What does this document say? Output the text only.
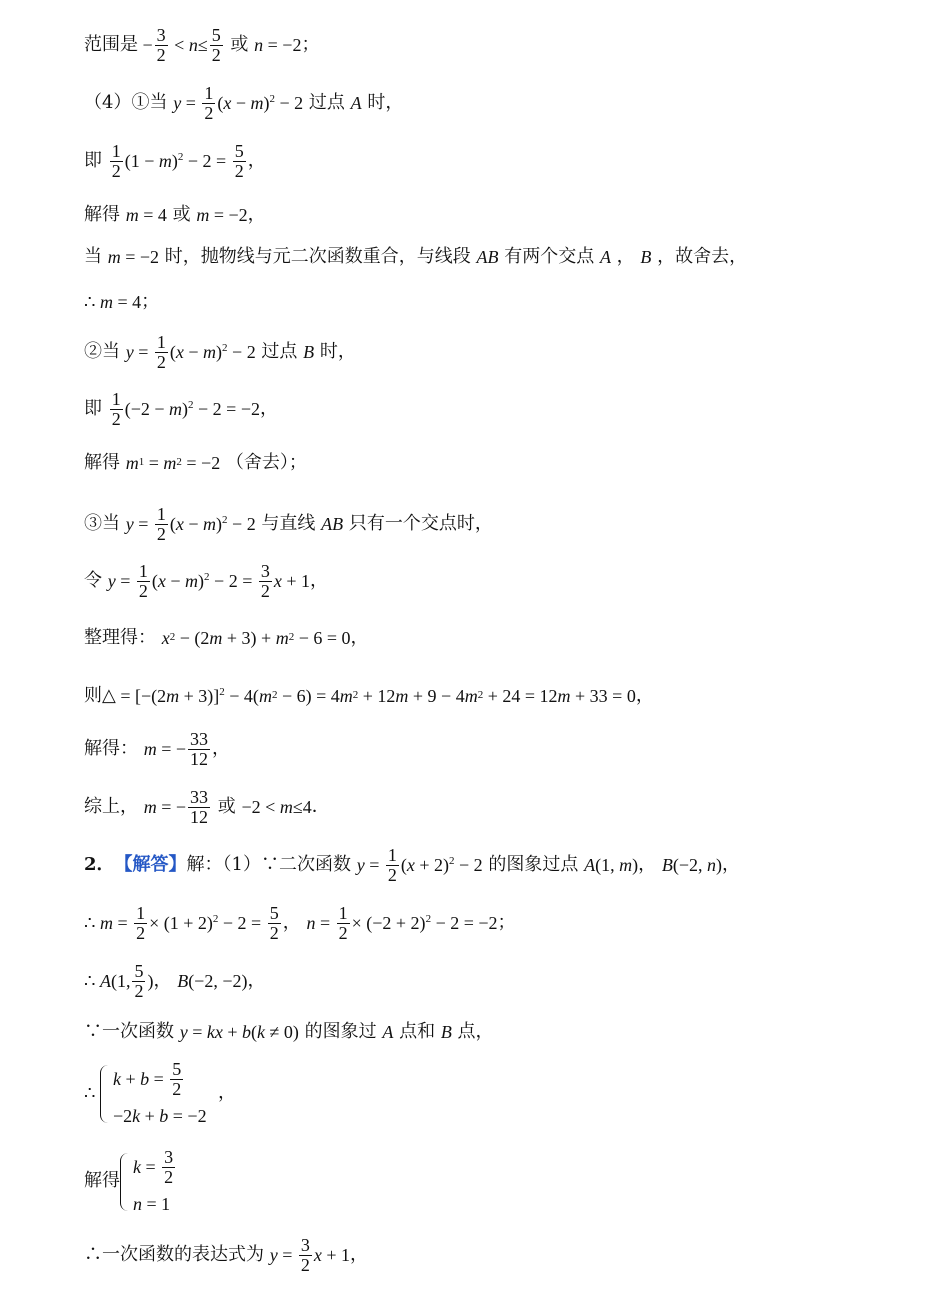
范围是 − $\frac{3}{2} < n \le \frac{5}{2}$ 或 n = −2 ；
（4）①当 $y = \frac{1}{2}$ ( x − m )$^2$ − 2 过点 A 时，
即 $\frac{1}{2} (1 - m$ )$^2 - 2 = \frac{5}{2}$ ，
解得 m = 4 或 m = −2 ，
当 m = −2 时，抛物线与元二次函数重合，与线段 AB 有两个交点 A ， B ，故舍去，
∴ m = 4 ；
②当 $y = \frac{1}{2}$ ( x − m )$^2$ − 2 过点 B 时，
即 $\frac{1}{2} (-2 - m$ )$^2$ − 2 = −2 ，
解得 m 1 = m 2 = −2 （舍去）；
③当 $y = \frac{1}{2}$ ( x − m )$^2$ − 2 与直线 AB 只有一个交点时，
令 $y = \frac{1}{2}$ ( x − m )$^2 - 2 = \frac{3}{2}$ x + 1 ，
整理得： x 2 − (2 m + 3) + m 2 − 6 = 0 ，
则△ = [−(2 m + 3)]$^2$ − 4( m 2 − 6) = 4 m 2 + 12 m + 9 − 4 m 2 + 24 = 12 m + 33 = 0 ，
解得： m = − $\frac{33}{12}$ ，
综上， m = − $\frac{33}{12}$ 或 −2 < m ≤4 ．
2． 【解答】 解：（1）∵二次函数 $y = \frac{1}{2}$ ( x + 2)$^2$ − 2 的图象过点 A (1, m ) ， B (−2, n ) ，
∴ $m = \frac{1}{2} \times (1 + 2)^2 - 2 = \frac{5}{2}$ ， $n = \frac{1}{2} \times (-2 + 2)^2 - 2 = -2$ ；
∴ A (1, $\frac{5}{2}$ ) ， B (−2, −2) ，
∵一次函数 y = kx + b ( k ≠ 0) 的图象过 A 点和 B 点，
∴
$k + b = \frac{5}{2}$
−2 k + b = −2
，
解得
$k = \frac{3}{2}$
n = 1
∴一次函数的表达式为 $y = \frac{3}{2}$ x + 1 ，
